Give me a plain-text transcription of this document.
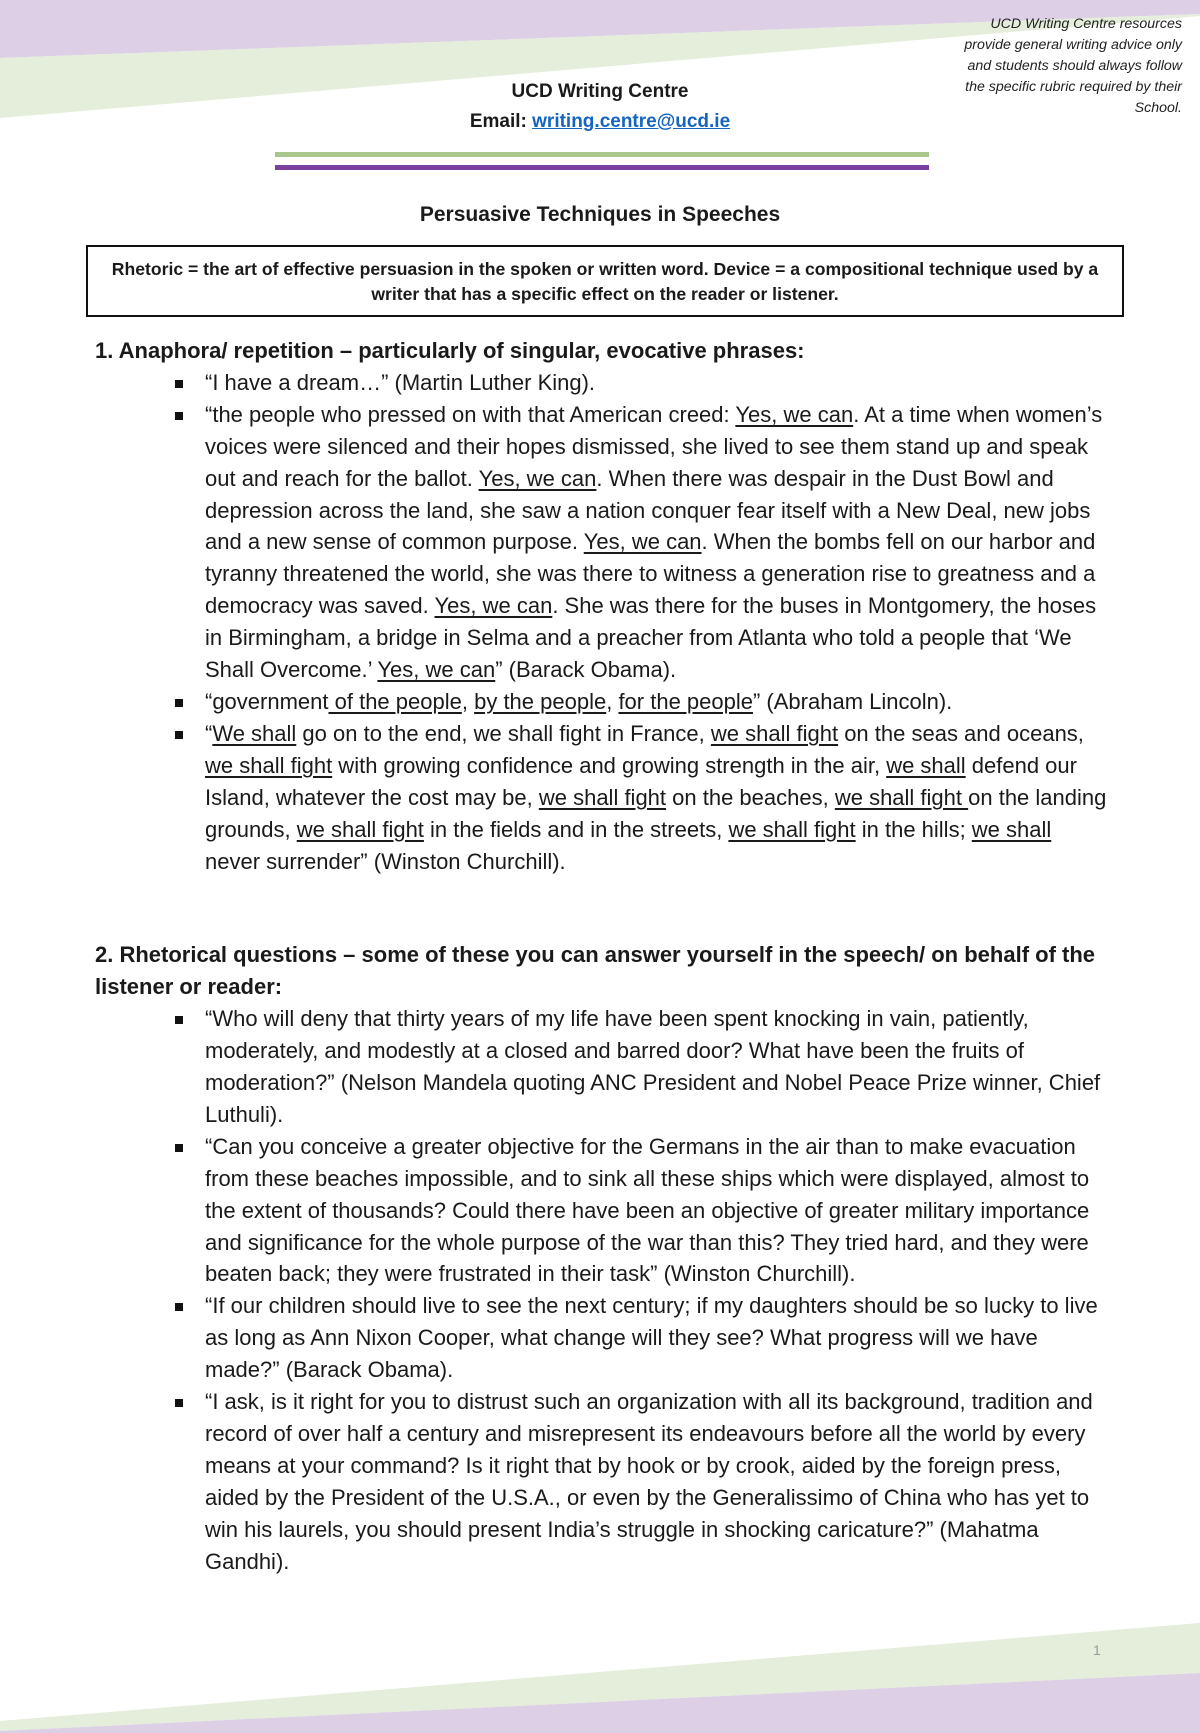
UCD Writing Centre resources provide general writing advice only and students should always follow the specific rubric required by their School.
UCD Writing Centre
Email: writing.centre@ucd.ie
Persuasive Techniques in Speeches
Rhetoric = the art of effective persuasion in the spoken or written word. Device = a compositional technique used by a writer that has a specific effect on the reader or listener.
1. Anaphora/ repetition – particularly of singular, evocative phrases:
“I have a dream…” (Martin Luther King).
“the people who pressed on with that American creed: Yes, we can. At a time when women’s voices were silenced and their hopes dismissed, she lived to see them stand up and speak out and reach for the ballot. Yes, we can. When there was despair in the Dust Bowl and depression across the land, she saw a nation conquer fear itself with a New Deal, new jobs and a new sense of common purpose. Yes, we can. When the bombs fell on our harbor and tyranny threatened the world, she was there to witness a generation rise to greatness and a democracy was saved. Yes, we can. She was there for the buses in Montgomery, the hoses in Birmingham, a bridge in Selma and a preacher from Atlanta who told a people that ‘We Shall Overcome.’ Yes, we can” (Barack Obama).
“government of the people, by the people, for the people” (Abraham Lincoln).
“We shall go on to the end, we shall fight in France, we shall fight on the seas and oceans, we shall fight with growing confidence and growing strength in the air, we shall defend our Island, whatever the cost may be, we shall fight on the beaches, we shall fight on the landing grounds, we shall fight in the fields and in the streets, we shall fight in the hills; we shall never surrender” (Winston Churchill).
2. Rhetorical questions – some of these you can answer yourself in the speech/ on behalf of the listener or reader:
“Who will deny that thirty years of my life have been spent knocking in vain, patiently, moderately, and modestly at a closed and barred door? What have been the fruits of moderation?” (Nelson Mandela quoting ANC President and Nobel Peace Prize winner, Chief Luthuli).
“Can you conceive a greater objective for the Germans in the air than to make evacuation from these beaches impossible, and to sink all these ships which were displayed, almost to the extent of thousands? Could there have been an objective of greater military importance and significance for the whole purpose of the war than this? They tried hard, and they were beaten back; they were frustrated in their task” (Winston Churchill).
“If our children should live to see the next century; if my daughters should be so lucky to live as long as Ann Nixon Cooper, what change will they see? What progress will we have made?” (Barack Obama).
“I ask, is it right for you to distrust such an organization with all its background, tradition and record of over half a century and misrepresent its endeavours before all the world by every means at your command? Is it right that by hook or by crook, aided by the foreign press, aided by the President of the U.S.A., or even by the Generalissimo of China who has yet to win his laurels, you should present India’s struggle in shocking caricature?” (Mahatma Gandhi).
1
